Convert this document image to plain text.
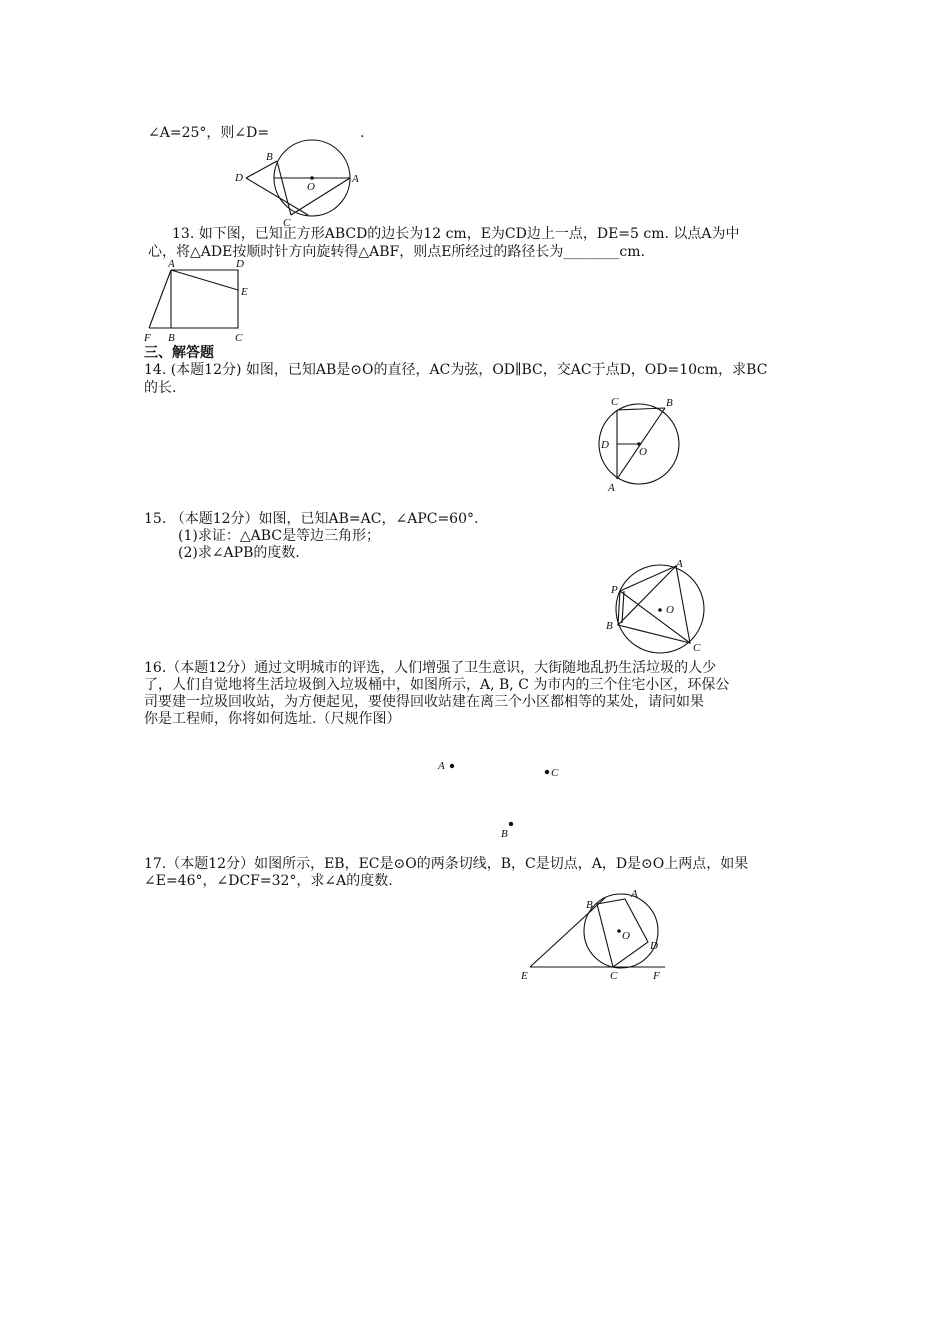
∠A=25°，则∠D=	.
D
B
O
A
C
13. 如下图，已知正方形ABCD的边长为12 cm，E为CD边上一点，DE=5 cm. 以点A为中
心，将△ADE按顺时针方向旋转得△ABF，则点E所经过的路径长为________cm.
A	D
E
F B	C
三、解答题
14. (本题12分) 如图，已知AB是⊙O的直径，AC为弦，OD∥BC，交AC于点D，OD=10cm，求BC
的长.
C	B
D
O
A
15. （本题12分）如图，已知AB=AC，∠APC=60°.
(1)求证：△ABC是等边三角形；
(2)求∠APB的度数.
A
P
O
B
C
16.（本题12分）通过文明城市的评选，人们增强了卫生意识，大街随地乱扔生活垃圾的人少
了，人们自觉地将生活垃圾倒入垃圾桶中，如图所示，A, B, C 为市内的三个住宅小区，环保公
司要建一垃圾回收站，为方便起见，要使得回收站建在离三个小区都相等的某处，请问如果
你是工程师，你将如何选址.（尺规作图）
A
C
B
17.（本题12分）如图所示，EB，EC是⊙O的两条切线，B，C是切点，A，D是⊙O上两点，如果
∠E=46°，∠DCF=32°，求∠A的度数.
A
B
O
D
E	C	F
